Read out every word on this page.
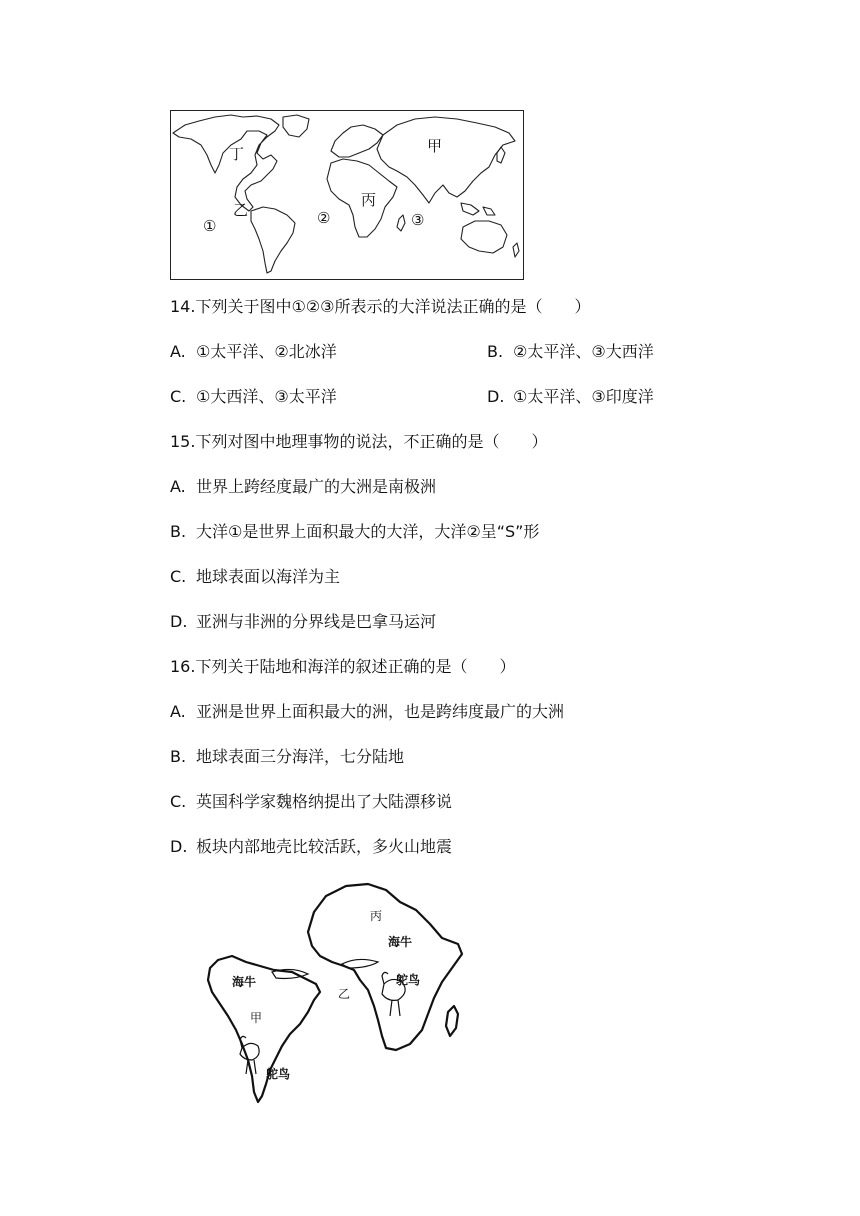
丁	甲
乙
丙
①	②	③
14.下列关于图中①②③所表示的大洋说法正确的是（　　）
A. ①太平洋、②北冰洋	B. ②太平洋、③大西洋
C. ①大西洋、③太平洋	D. ①太平洋、③印度洋
15.下列对图中地理事物的说法，不正确的是（　　）
A. 世界上跨经度最广的大洲是南极洲
B. 大洋①是世界上面积最大的大洋，大洋②呈“S”形
C. 地球表面以海洋为主
D. 亚洲与非洲的分界线是巴拿马运河
16.下列关于陆地和海洋的叙述正确的是（　　）
A. 亚洲是世界上面积最大的洲，也是跨纬度最广的大洲
B. 地球表面三分海洋，七分陆地
C. 英国科学家魏格纳提出了大陆漂移说
D. 板块内部地壳比较活跃，多火山地震
丙
海牛
鸵鸟
海牛
甲
乙
鸵鸟
